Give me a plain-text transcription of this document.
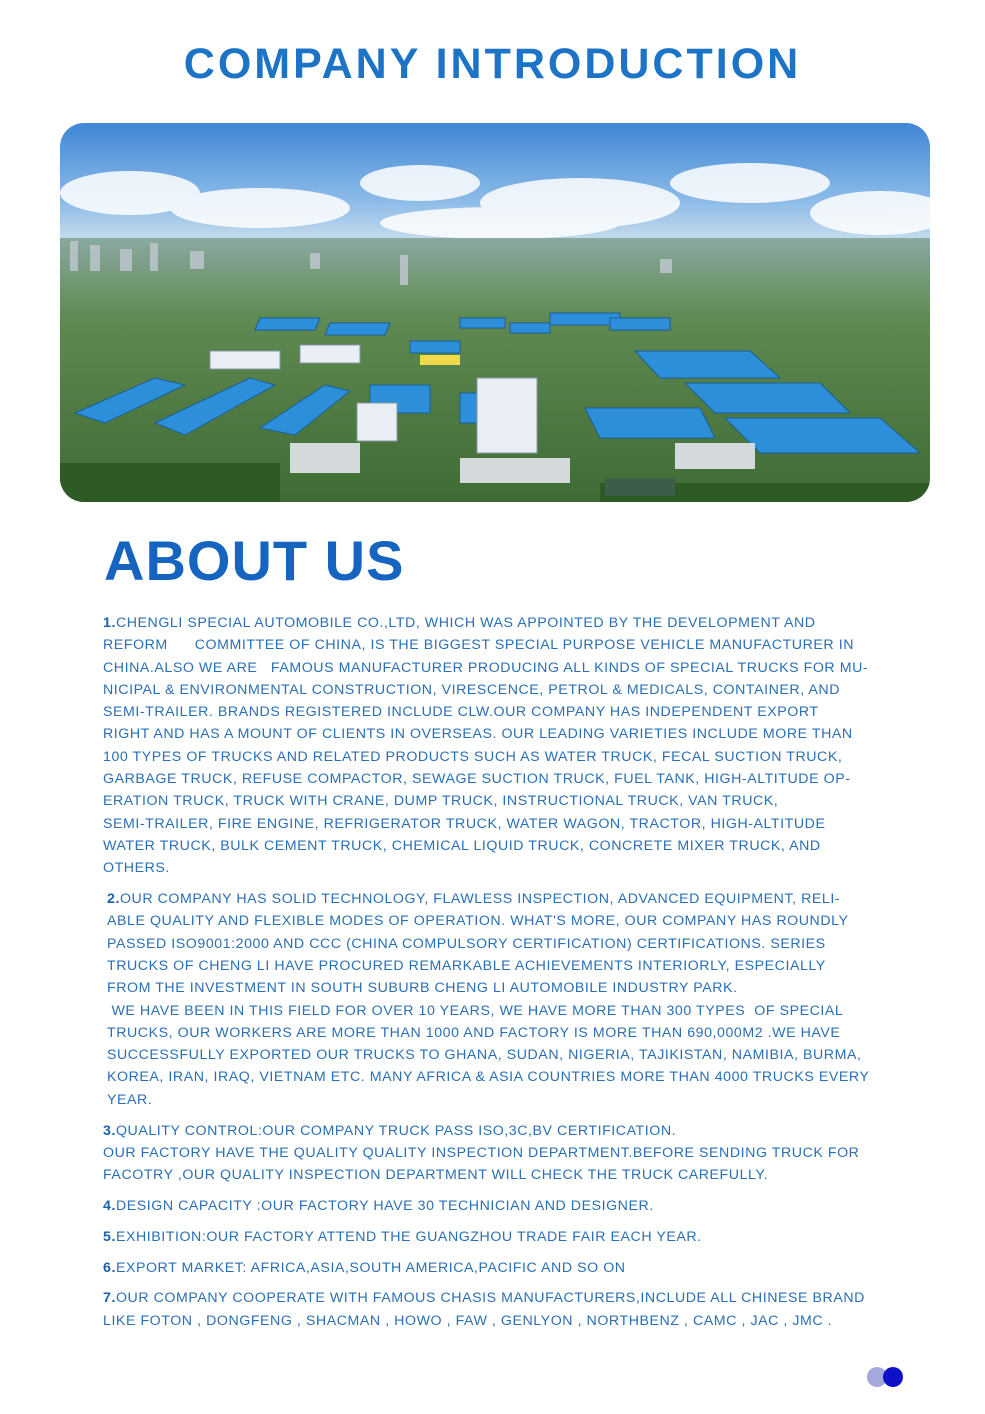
COMPANY INTRODUCTION
ABOUT US
1.CHENGLI SPECIAL AUTOMOBILE CO.,LTD, WHICH WAS APPOINTED BY THE DEVELOPMENT AND
REFORM      COMMITTEE OF CHINA, IS THE BIGGEST SPECIAL PURPOSE VEHICLE MANUFACTURER IN
CHINA.ALSO WE ARE   FAMOUS MANUFACTURER PRODUCING ALL KINDS OF SPECIAL TRUCKS FOR MU-
NICIPAL & ENVIRONMENTAL CONSTRUCTION, VIRESCENCE, PETROL & MEDICALS, CONTAINER, AND
SEMI-TRAILER. BRANDS REGISTERED INCLUDE CLW.OUR COMPANY HAS INDEPENDENT EXPORT
RIGHT AND HAS A MOUNT OF CLIENTS IN OVERSEAS. OUR LEADING VARIETIES INCLUDE MORE THAN
100 TYPES OF TRUCKS AND RELATED PRODUCTS SUCH AS WATER TRUCK, FECAL SUCTION TRUCK,
GARBAGE TRUCK, REFUSE COMPACTOR, SEWAGE SUCTION TRUCK, FUEL TANK, HIGH-ALTITUDE OP-
ERATION TRUCK, TRUCK WITH CRANE, DUMP TRUCK, INSTRUCTIONAL TRUCK, VAN TRUCK,
SEMI-TRAILER, FIRE ENGINE, REFRIGERATOR TRUCK, WATER WAGON, TRACTOR, HIGH-ALTITUDE
WATER TRUCK, BULK CEMENT TRUCK, CHEMICAL LIQUID TRUCK, CONCRETE MIXER TRUCK, AND
OTHERS.
2.OUR COMPANY HAS SOLID TECHNOLOGY, FLAWLESS INSPECTION, ADVANCED EQUIPMENT, RELI-
ABLE QUALITY AND FLEXIBLE MODES OF OPERATION. WHAT'S MORE, OUR COMPANY HAS ROUNDLY
PASSED ISO9001:2000 AND CCC (CHINA COMPULSORY CERTIFICATION) CERTIFICATIONS. SERIES
TRUCKS OF CHENG LI HAVE PROCURED REMARKABLE ACHIEVEMENTS INTERIORLY, ESPECIALLY
FROM THE INVESTMENT IN SOUTH SUBURB CHENG LI AUTOMOBILE INDUSTRY PARK.
WE HAVE BEEN IN THIS FIELD FOR OVER 10 YEARS, WE HAVE MORE THAN 300 TYPES  OF SPECIAL
TRUCKS, OUR WORKERS ARE MORE THAN 1000 AND FACTORY IS MORE THAN 690,000M2 .WE HAVE
SUCCESSFULLY EXPORTED OUR TRUCKS TO GHANA, SUDAN, NIGERIA, TAJIKISTAN, NAMIBIA, BURMA,
KOREA, IRAN, IRAQ, VIETNAM ETC. MANY AFRICA & ASIA COUNTRIES MORE THAN 4000 TRUCKS EVERY
YEAR.
3.QUALITY CONTROL:OUR COMPANY TRUCK PASS ISO,3C,BV CERTIFICATION.
OUR FACTORY HAVE THE QUALITY QUALITY INSPECTION DEPARTMENT.BEFORE SENDING TRUCK FOR
FACOTRY ,OUR QUALITY INSPECTION DEPARTMENT WILL CHECK THE TRUCK CAREFULLY.
4.DESIGN CAPACITY :OUR FACTORY HAVE 30 TECHNICIAN AND DESIGNER.
5.EXHIBITION:OUR FACTORY ATTEND THE GUANGZHOU TRADE FAIR EACH YEAR.
6.EXPORT MARKET: AFRICA,ASIA,SOUTH AMERICA,PACIFIC AND SO ON
7.OUR COMPANY COOPERATE WITH FAMOUS CHASIS MANUFACTURERS,INCLUDE ALL CHINESE BRAND
LIKE FOTON , DONGFENG , SHACMAN , HOWO , FAW , GENLYON , NORTHBENZ , CAMC , JAC , JMC .
